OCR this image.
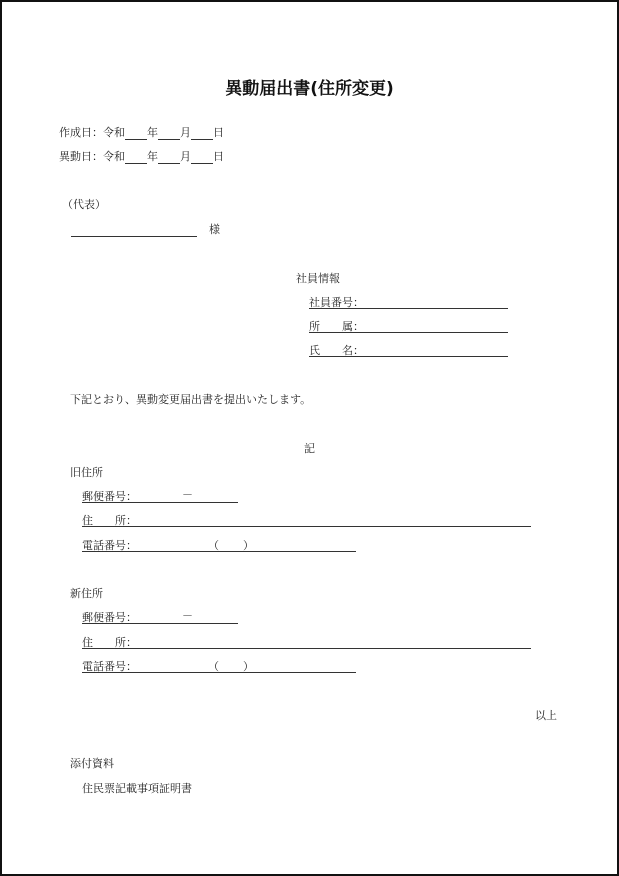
異動届出書(住所変更)
作成日：令和 年 月 日
異動日：令和 年 月 日
（代表）
様
社員情報
社員番号：
所　　属：
氏　　名：
下記とおり、異動変更届出書を提出いたします。
記
旧住所
郵便番号：	－
住　　所：
電話番号：	（ ）
新住所
郵便番号：	－
住　　所：
電話番号：	（ ）
以上
添付資料
住民票記載事項証明書
